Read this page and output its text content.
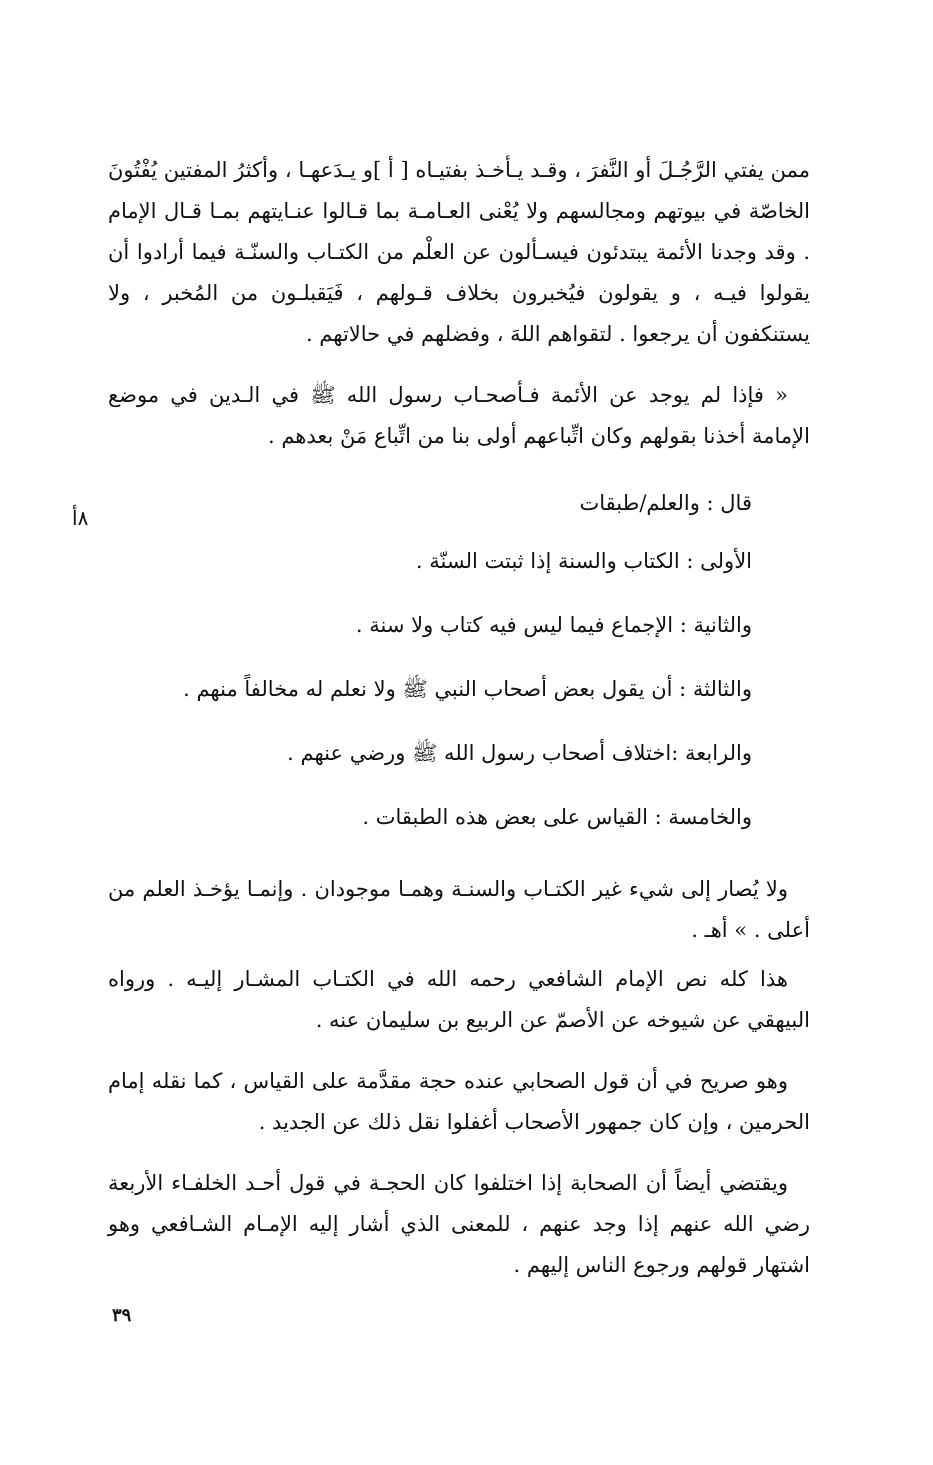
ممن يفتي الرَّجُـلَ أو النَّفرَ ، وقـد يـأخـذ بفتيـاه [ أ ]و يـدَعهـا ، وأكثرُ المفتين يُفْتُونَ الخاصّة في بيوتهم ومجالسهم ولا يُعْنى العـامـة بما قـالوا عنـايتهم بمـا قـال الإمام . وقد وجدنا الأئمة يبتدئون فيسـألون عن العلْم من الكتـاب والسنّـة فيما أرادوا أن يقولوا فيـه ، و يقولون فيُخبرون بخلاف قـولهم ، فَيَقبلـون من المُخبر ، ولا يستنكفون أن يرجعوا . لتقواهم اللهَ ، وفضلهم في حالاتهم .

« فإذا لم يوجد عن الأئمة فـأصحـاب رسول الله ﷺ في الـدين في موضع الإمامة أخذنا بقولهم وكان اتِّباعهم أولى بنا من اتِّباع مَنْ بعدهم .

قال : والعلم/طبقات
الأولى : الكتاب والسنة إذا ثبتت السنّة .
والثانية : الإجماع فيما ليس فيه كتاب ولا سنة .
والثالثة : أن يقول بعض أصحاب النبي ﷺ ولا نعلم له مخالفاً منهم .
والرابعة :اختلاف أصحاب رسول الله ﷺ ورضي عنهم .
والخامسة : القياس على بعض هذه الطبقات .

ولا يُصار إلى شيء غير الكتـاب والسنـة وهمـا موجودان . وإنمـا يؤخـذ العلم من أعلى . » أهـ .

هذا كله نص الإمام الشافعي رحمه الله في الكتـاب المشـار إليـه . ورواه البيهقي عن شيوخه عن الأصمّ عن الربيع بن سليمان عنه .

وهو صريح في أن قول الصحابي عنده حجة مقدَّمة على القياس ، كما نقله إمام الحرمين ، وإن كان جمهور الأصحاب أغفلوا نقل ذلك عن الجديد .

ويقتضي أيضاً أن الصحابة إذا اختلفوا كان الحجـة في قول أحـد الخلفـاء الأربعة رضي الله عنهم إذا وجد عنهم ، للمعنى الذي أشار إليه الإمـام الشـافعي وهو اشتهار قولهم ورجوع الناس إليهم .

٨أ
٣٩
